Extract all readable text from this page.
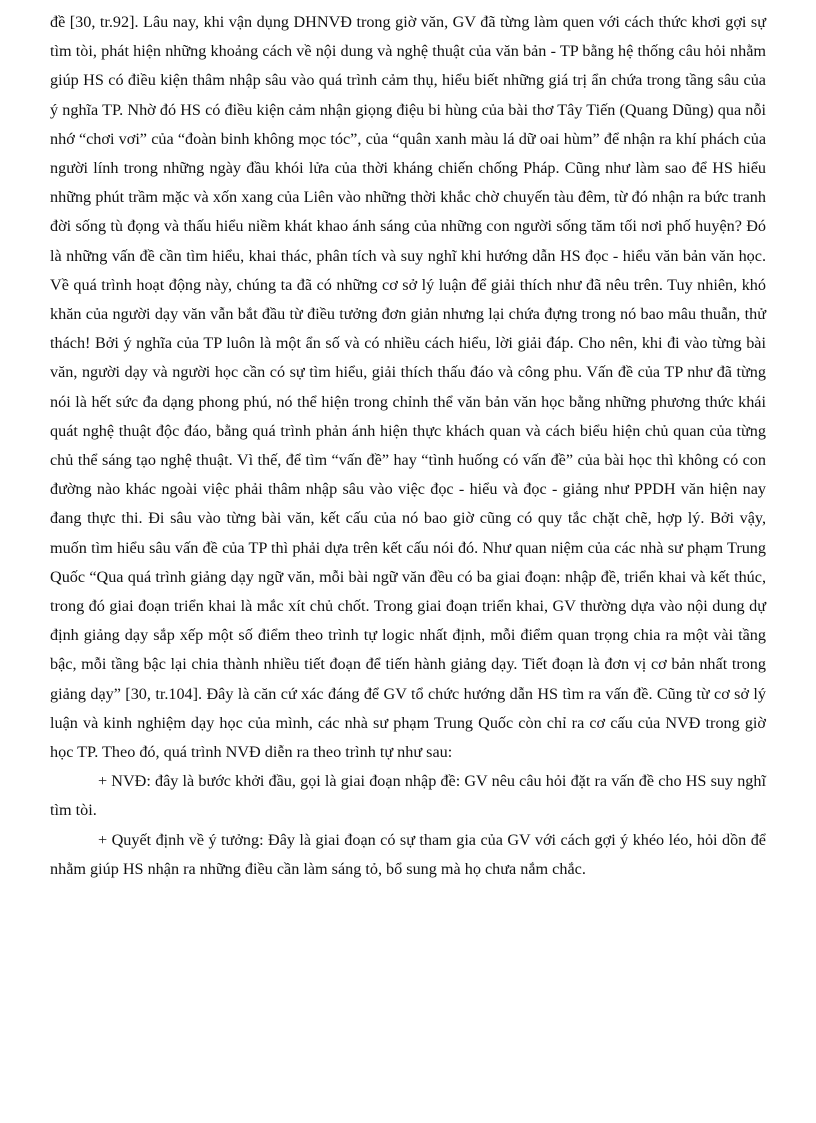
đề [30, tr.92]. Lâu nay, khi vận dụng DHNVĐ trong giờ văn, GV đã từng làm quen với cách thức khơi gợi sự tìm tòi, phát hiện những khoảng cách về nội dung và nghệ thuật của văn bản - TP bằng hệ thống câu hỏi nhằm giúp HS có điều kiện thâm nhập sâu vào quá trình cảm thụ, hiểu biết những giá trị ẩn chứa trong tầng sâu của ý nghĩa TP. Nhờ đó HS có điều kiện cảm nhận giọng điệu bi hùng của bài thơ Tây Tiến (Quang Dũng) qua nỗi nhớ “chơi vơi” của “đoàn binh không mọc tóc”, của “quân xanh màu lá dữ oai hùm” để nhận ra khí phách của người lính trong những ngày đầu khói lửa của thời kháng chiến chống Pháp. Cũng như làm sao để HS hiểu những phút trầm mặc và xốn xang của Liên vào những thời khắc chờ chuyến tàu đêm, từ đó nhận ra bức tranh đời sống tù đọng và thấu hiểu niềm khát khao ánh sáng của những con người sống tăm tối nơi phố huyện? Đó là những vấn đề cần tìm hiểu, khai thác, phân tích và suy nghĩ khi hướng dẫn HS đọc - hiểu văn bản văn học. Về quá trình hoạt động này, chúng ta đã có những cơ sở lý luận để giải thích như đã nêu trên. Tuy nhiên, khó khăn của người dạy văn vẫn bắt đầu từ điều tưởng đơn giản nhưng lại chứa đựng trong nó bao mâu thuẫn, thử thách! Bởi ý nghĩa của TP luôn là một ẩn số và có nhiều cách hiểu, lời giải đáp. Cho nên, khi đi vào từng bài văn, người dạy và người học cần có sự tìm hiểu, giải thích thấu đáo và công phu. Vấn đề của TP như đã từng nói là hết sức đa dạng phong phú, nó thể hiện trong chỉnh thể văn bản văn học bằng những phương thức khái quát nghệ thuật độc đáo, bằng quá trình phản ánh hiện thực khách quan và cách biểu hiện chủ quan của từng chủ thể sáng tạo nghệ thuật. Vì thế, để tìm “vấn đề” hay “tình huống có vấn đề” của bài học thì không có con đường nào khác ngoài việc phải thâm nhập sâu vào việc đọc - hiểu và đọc - giảng như PPDH văn hiện nay đang thực thi. Đi sâu vào từng bài văn, kết cấu của nó bao giờ cũng có quy tắc chặt chẽ, hợp lý. Bởi vậy, muốn tìm hiểu sâu vấn đề của TP thì phải dựa trên kết cấu nói đó. Như quan niệm của các nhà sư phạm Trung Quốc “Qua quá trình giảng dạy ngữ văn, mỗi bài ngữ văn đều có ba giai đoạn: nhập đề, triển khai và kết thúc, trong đó giai đoạn triển khai là mắc xít chủ chốt. Trong giai đoạn triển khai, GV thường dựa vào nội dung dự định giảng dạy sắp xếp một số điểm theo trình tự logic nhất định, mỗi điểm quan trọng chia ra một vài tầng bậc, mỗi tầng bậc lại chia thành nhiều tiết đoạn để tiến hành giảng dạy. Tiết đoạn là đơn vị cơ bản nhất trong giảng dạy” [30, tr.104]. Đây là căn cứ xác đáng để GV tổ chức hướng dẫn HS tìm ra vấn đề. Cũng từ cơ sở lý luận và kinh nghiệm dạy học của mình, các nhà sư phạm Trung Quốc còn chỉ ra cơ cấu của NVĐ trong giờ học TP. Theo đó, quá trình NVĐ diễn ra theo trình tự như sau:

+ NVĐ: đây là bước khởi đầu, gọi là giai đoạn nhập đề: GV nêu câu hỏi đặt ra vấn đề cho HS suy nghĩ tìm tòi.

+ Quyết định về ý tưởng: Đây là giai đoạn có sự tham gia của GV với cách gợi ý khéo léo, hỏi dồn để nhằm giúp HS nhận ra những điều cần làm sáng tỏ, bổ sung mà họ chưa nắm chắc.
